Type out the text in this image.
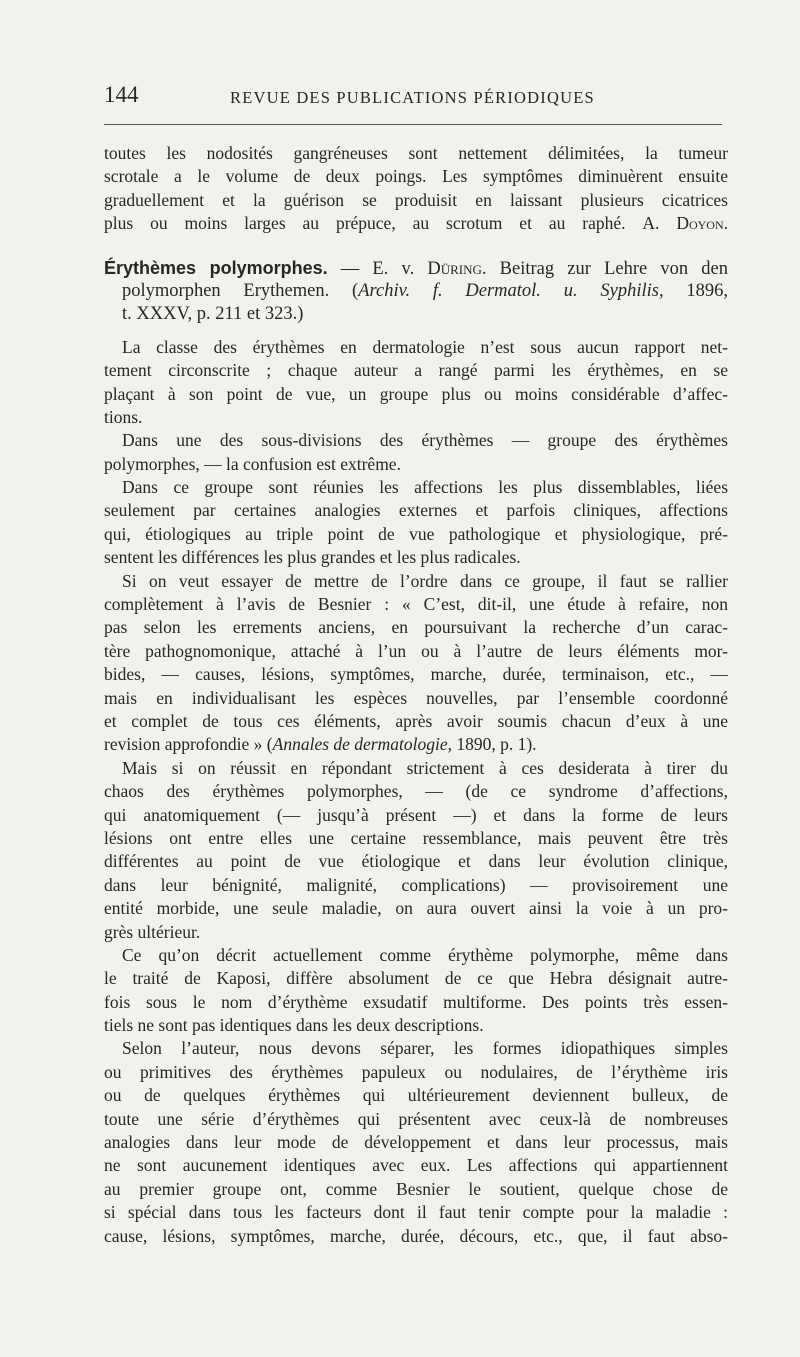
144	REVUE DES PUBLICATIONS PÉRIODIQUES
toutes les nodosités gangréneuses sont nettement délimitées, la tumeur
scrotale a le volume de deux poings. Les symptômes diminuèrent ensuite
graduellement et la guérison se produisit en laissant plusieurs cicatrices
plus ou moins larges au prépuce, au scrotum et au raphé. A. Doyon.
Érythèmes polymorphes. — E. v. Düring. Beitrag zur Lehre von den
polymorphen Erythemen. (Archiv. f. Dermatol. u. Syphilis, 1896,
t. XXXV, p. 211 et 323.)
La classe des érythèmes en dermatologie n’est sous aucun rapport net-
tement circonscrite ; chaque auteur a rangé parmi les érythèmes, en se
plaçant à son point de vue, un groupe plus ou moins considérable d’affec-
tions.
Dans une des sous-divisions des érythèmes — groupe des érythèmes
polymorphes, — la confusion est extrême.
Dans ce groupe sont réunies les affections les plus dissemblables, liées
seulement par certaines analogies externes et parfois cliniques, affections
qui, étiologiques au triple point de vue pathologique et physiologique, pré-
sentent les différences les plus grandes et les plus radicales.
Si on veut essayer de mettre de l’ordre dans ce groupe, il faut se rallier
complètement à l’avis de Besnier : « C’est, dit-il, une étude à refaire, non
pas selon les errements anciens, en poursuivant la recherche d’un carac-
tère pathognomonique, attaché à l’un ou à l’autre de leurs éléments mor-
bides, — causes, lésions, symptômes, marche, durée, terminaison, etc., —
mais en individualisant les espèces nouvelles, par l’ensemble coordonné
et complet de tous ces éléments, après avoir soumis chacun d’eux à une
revision approfondie » (Annales de dermatologie, 1890, p. 1).
Mais si on réussit en répondant strictement à ces desiderata à tirer du
chaos des érythèmes polymorphes, — (de ce syndrome d’affections,
qui anatomiquement (— jusqu’à présent —) et dans la forme de leurs
lésions ont entre elles une certaine ressemblance, mais peuvent être très
différentes au point de vue étiologique et dans leur évolution clinique,
dans leur bénignité, malignité, complications) — provisoirement une
entité morbide, une seule maladie, on aura ouvert ainsi la voie à un pro-
grès ultérieur.
Ce qu’on décrit actuellement comme érythème polymorphe, même dans
le traité de Kaposi, diffère absolument de ce que Hebra désignait autre-
fois sous le nom d’érythème exsudatif multiforme. Des points très essen-
tiels ne sont pas identiques dans les deux descriptions.
Selon l’auteur, nous devons séparer, les formes idiopathiques simples
ou primitives des érythèmes papuleux ou nodulaires, de l’érythème iris
ou de quelques érythèmes qui ultérieurement deviennent bulleux, de
toute une série d’érythèmes qui présentent avec ceux-là de nombreuses
analogies dans leur mode de développement et dans leur processus, mais
ne sont aucunement identiques avec eux. Les affections qui appartiennent
au premier groupe ont, comme Besnier le soutient, quelque chose de
si spécial dans tous les facteurs dont il faut tenir compte pour la maladie :
cause, lésions, symptômes, marche, durée, décours, etc., que, il faut abso-
